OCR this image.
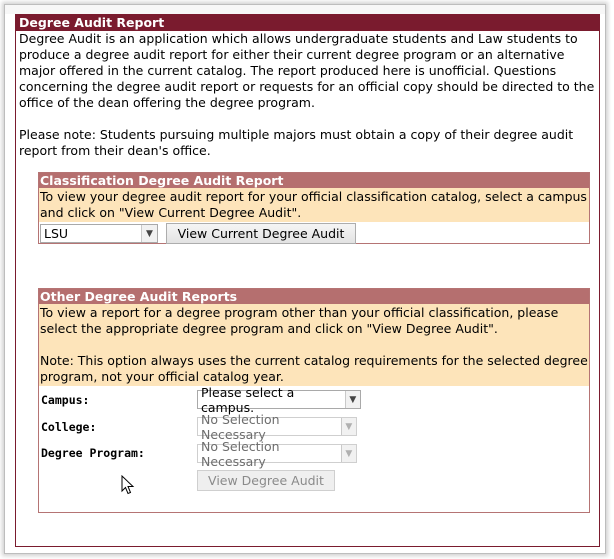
Degree Audit Report

Degree Audit is an application which allows undergraduate students and Law students to produce a degree audit report for either their current degree program or an alternative major offered in the current catalog. The report produced here is unofficial. Questions concerning the degree audit report or requests for an official copy should be directed to the office of the dean offering the degree program.

Please note: Students pursuing multiple majors must obtain a copy of their degree audit report from their dean's office.

Classification Degree Audit Report

To view your degree audit report for your official classification catalog, select a campus and click on "View Current Degree Audit".

LSU	▼	View Current Degree Audit
Other Degree Audit Reports

To view a report for a degree program other than your official classification, please select the appropriate degree program and click on "View Degree Audit".

Note: This option always uses the current catalog requirements for the selected degree program, not your official catalog year.

Campus:
Please select a campus.	▼
College:
No Selection Necessary	▼
Degree Program:	No Selection Necessary	▼
View Degree Audit
